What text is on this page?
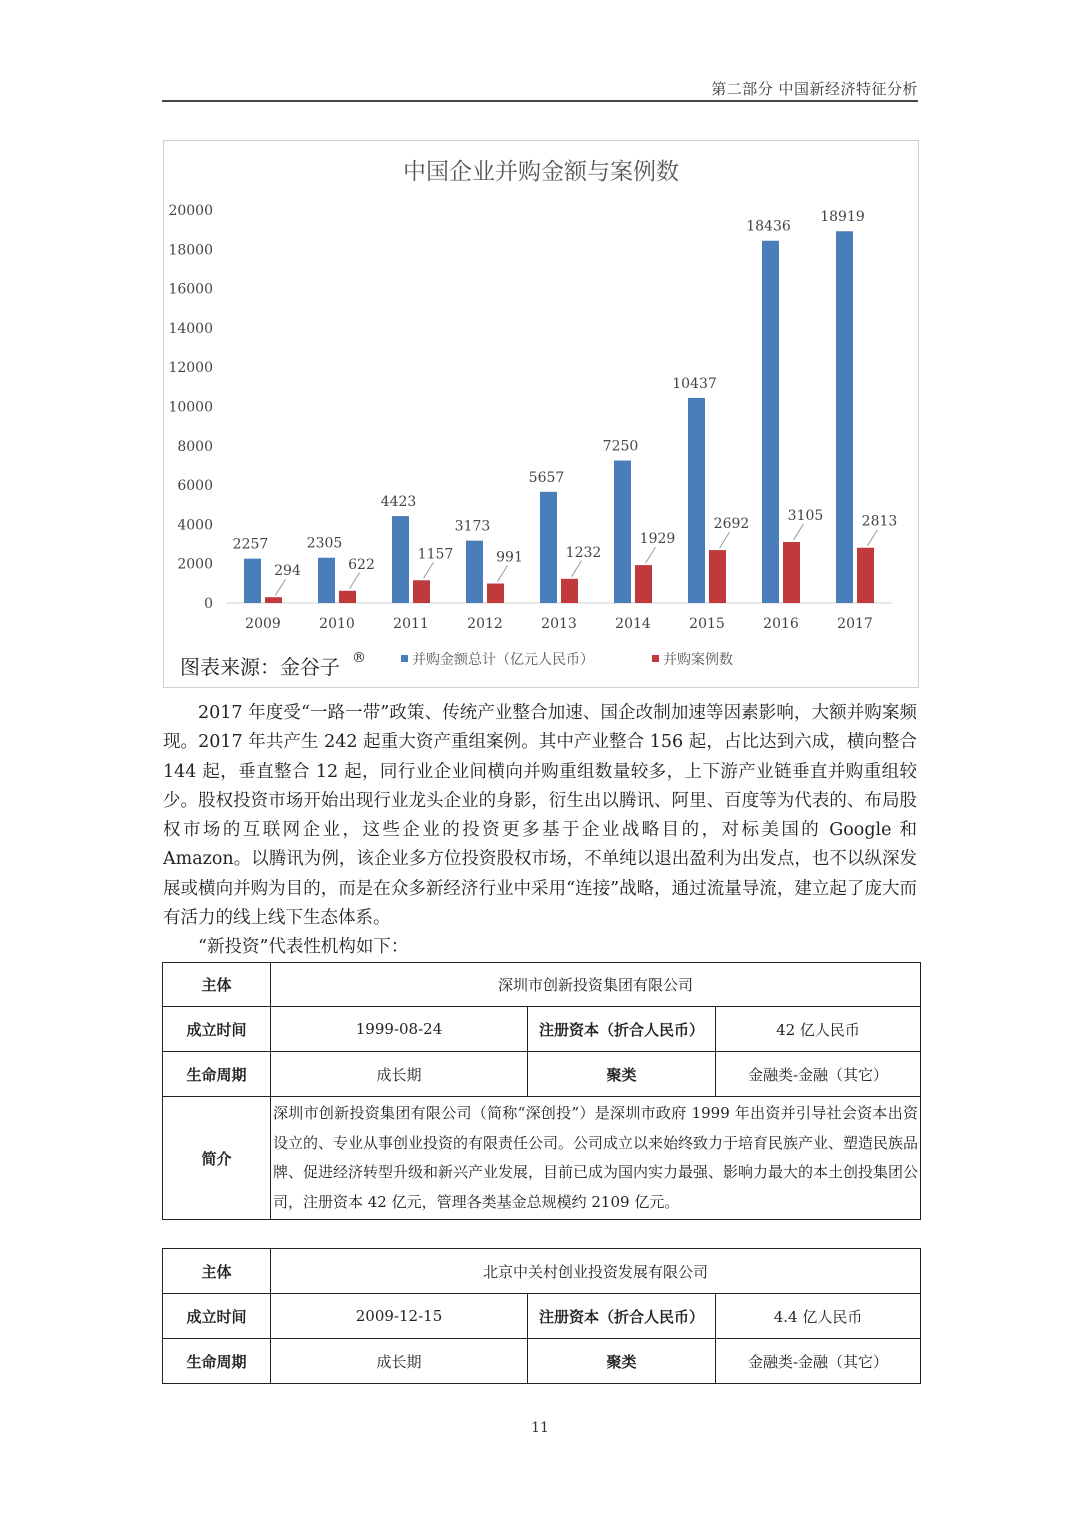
第二部分 中国新经济特征分析
中国企业并购金额与案例数
0
2000
4000
6000
8000
10000
12000
14000
16000
18000
20000
2257
294
2009
2305
622
2010
4423
1157
2011
3173
991
2012
5657
1232
2013
7250
1929
2014
10437
2692
2015
18436
3105
2016
18919
2813
2017
图表来源：金谷子 ®	并购金额总计（亿元人民币）	并购案例数

2017 年度受“一路一带”政策、传统产业整合加速、国企改制加速等因素影响，大额并购案频现。2017 年共产生 242 起重大资产重组案例。其中产业整合 156 起，占比达到六成，横向整合 144 起，垂直整合 12 起，同行业企业间横向并购重组数量较多，上下游产业链垂直并购重组较少。股权投资市场开始出现行业龙头企业的身影，衍生出以腾讯、阿里、百度等为代表的、布局股权市场的互联网企业，这些企业的投资更多基于企业战略目的，对标美国的 Google 和 Amazon。以腾讯为例，该企业多方位投资股权市场，不单纯以退出盈利为出发点，也不以纵深发展或横向并购为目的，而是在众多新经济行业中采用“连接”战略，通过流量导流，建立起了庞大而有活力的线上线下生态体系。

“新投资”代表性机构如下：

主体	深圳市创新投资集团有限公司		
成立时间	1999-08-24	注册资本（折合人民币）	42 亿人民币
生命周期	成长期	聚类	金融类-金融（其它）
简介	深圳市创新投资集团有限公司（简称“深创投”）是深圳市政府 1999 年出资并引导社会资本出资设立的、专业从事创业投资的有限责任公司。公司成立以来始终致力于培育民族产业、塑造民族品牌、促进经济转型升级和新兴产业发展，目前已成为国内实力最强、影响力最大的本土创投集团公司，注册资本 42 亿元，管理各类基金总规模约 2109 亿元。		
主体	北京中关村创业投资发展有限公司		
成立时间	2009-12-15	注册资本（折合人民币）	4.4 亿人民币
生命周期	成长期	聚类	金融类-金融（其它）
11
